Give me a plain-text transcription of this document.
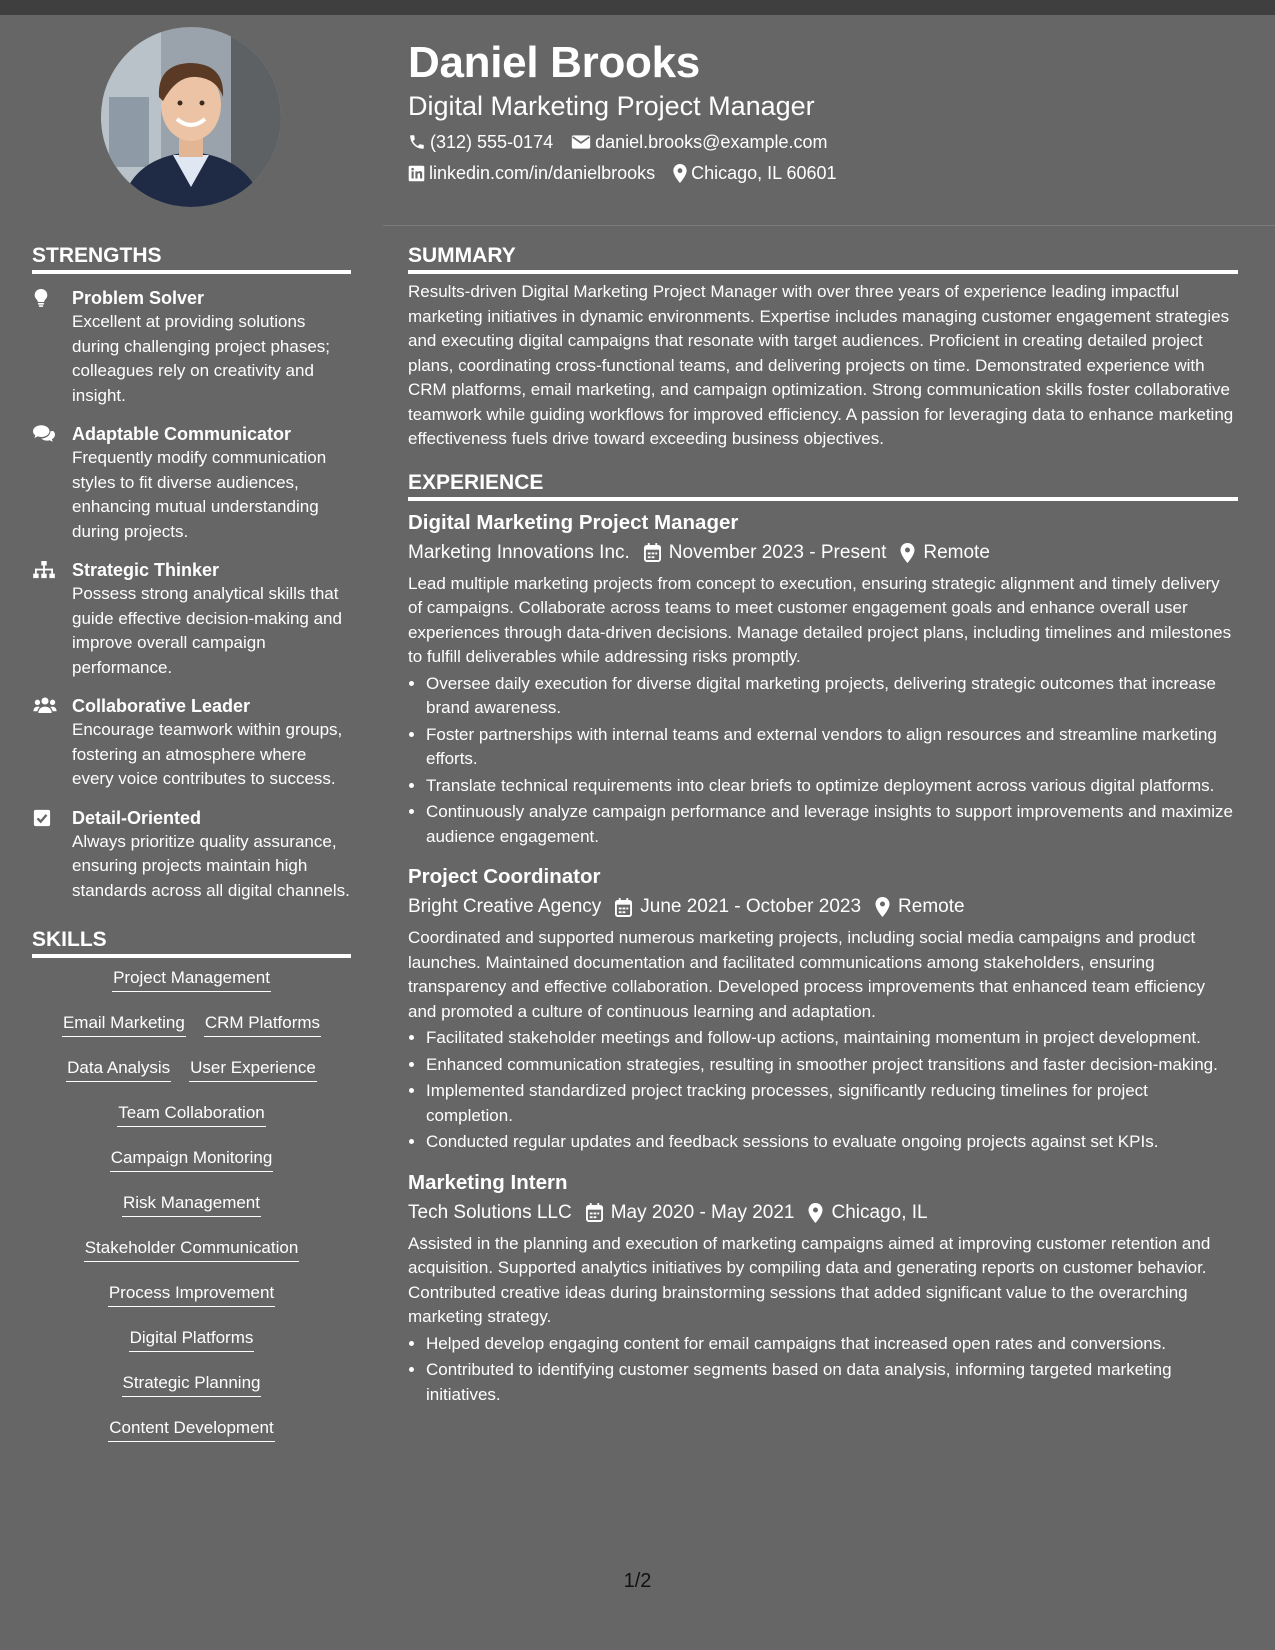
Daniel Brooks
Digital Marketing Project Manager
(312) 555-0174 daniel.brooks@example.com
linkedin.com/in/danielbrooks Chicago, IL 60601
STRENGTHS
Problem Solver
Excellent at providing solutions during challenging project phases; colleagues rely on creativity and insight.
Adaptable Communicator
Frequently modify communication styles to fit diverse audiences, enhancing mutual understanding during projects.
Strategic Thinker
Possess strong analytical skills that guide effective decision-making and improve overall campaign performance.
Collaborative Leader
Encourage teamwork within groups, fostering an atmosphere where every voice contributes to success.
Detail-Oriented
Always prioritize quality assurance, ensuring projects maintain high standards across all digital channels.
SKILLS
Project Management
Email Marketing CRM Platforms
Data Analysis User Experience
Team Collaboration
Campaign Monitoring
Risk Management
Stakeholder Communication
Process Improvement
Digital Platforms
Strategic Planning
Content Development
SUMMARY
Results-driven Digital Marketing Project Manager with over three years of experience leading impactful marketing initiatives in dynamic environments. Expertise includes managing customer engagement strategies and executing digital campaigns that resonate with target audiences. Proficient in creating detailed project plans, coordinating cross-functional teams, and delivering projects on time. Demonstrated experience with CRM platforms, email marketing, and campaign optimization. Strong communication skills foster collaborative teamwork while guiding workflows for improved efficiency. A passion for leveraging data to enhance marketing effectiveness fuels drive toward exceeding business objectives.
EXPERIENCE
Digital Marketing Project Manager
Marketing Innovations Inc. November 2023 - Present Remote
Lead multiple marketing projects from concept to execution, ensuring strategic alignment and timely delivery of campaigns. Collaborate across teams to meet customer engagement goals and enhance overall user experiences through data-driven decisions. Manage detailed project plans, including timelines and milestones to fulfill deliverables while addressing risks promptly.
• Oversee daily execution for diverse digital marketing projects, delivering strategic outcomes that increase brand awareness.
• Foster partnerships with internal teams and external vendors to align resources and streamline marketing efforts.
• Translate technical requirements into clear briefs to optimize deployment across various digital platforms.
• Continuously analyze campaign performance and leverage insights to support improvements and maximize audience engagement.
Project Coordinator
Bright Creative Agency June 2021 - October 2023 Remote
Coordinated and supported numerous marketing projects, including social media campaigns and product launches. Maintained documentation and facilitated communications among stakeholders, ensuring transparency and effective collaboration. Developed process improvements that enhanced team efficiency and promoted a culture of continuous learning and adaptation.
• Facilitated stakeholder meetings and follow-up actions, maintaining momentum in project development.
• Enhanced communication strategies, resulting in smoother project transitions and faster decision-making.
• Implemented standardized project tracking processes, significantly reducing timelines for project completion.
• Conducted regular updates and feedback sessions to evaluate ongoing projects against set KPIs.
Marketing Intern
Tech Solutions LLC May 2020 - May 2021 Chicago, IL
Assisted in the planning and execution of marketing campaigns aimed at improving customer retention and acquisition. Supported analytics initiatives by compiling data and generating reports on customer behavior. Contributed creative ideas during brainstorming sessions that added significant value to the overarching marketing strategy.
• Helped develop engaging content for email campaigns that increased open rates and conversions.
• Contributed to identifying customer segments based on data analysis, informing targeted marketing initiatives.
1/2
